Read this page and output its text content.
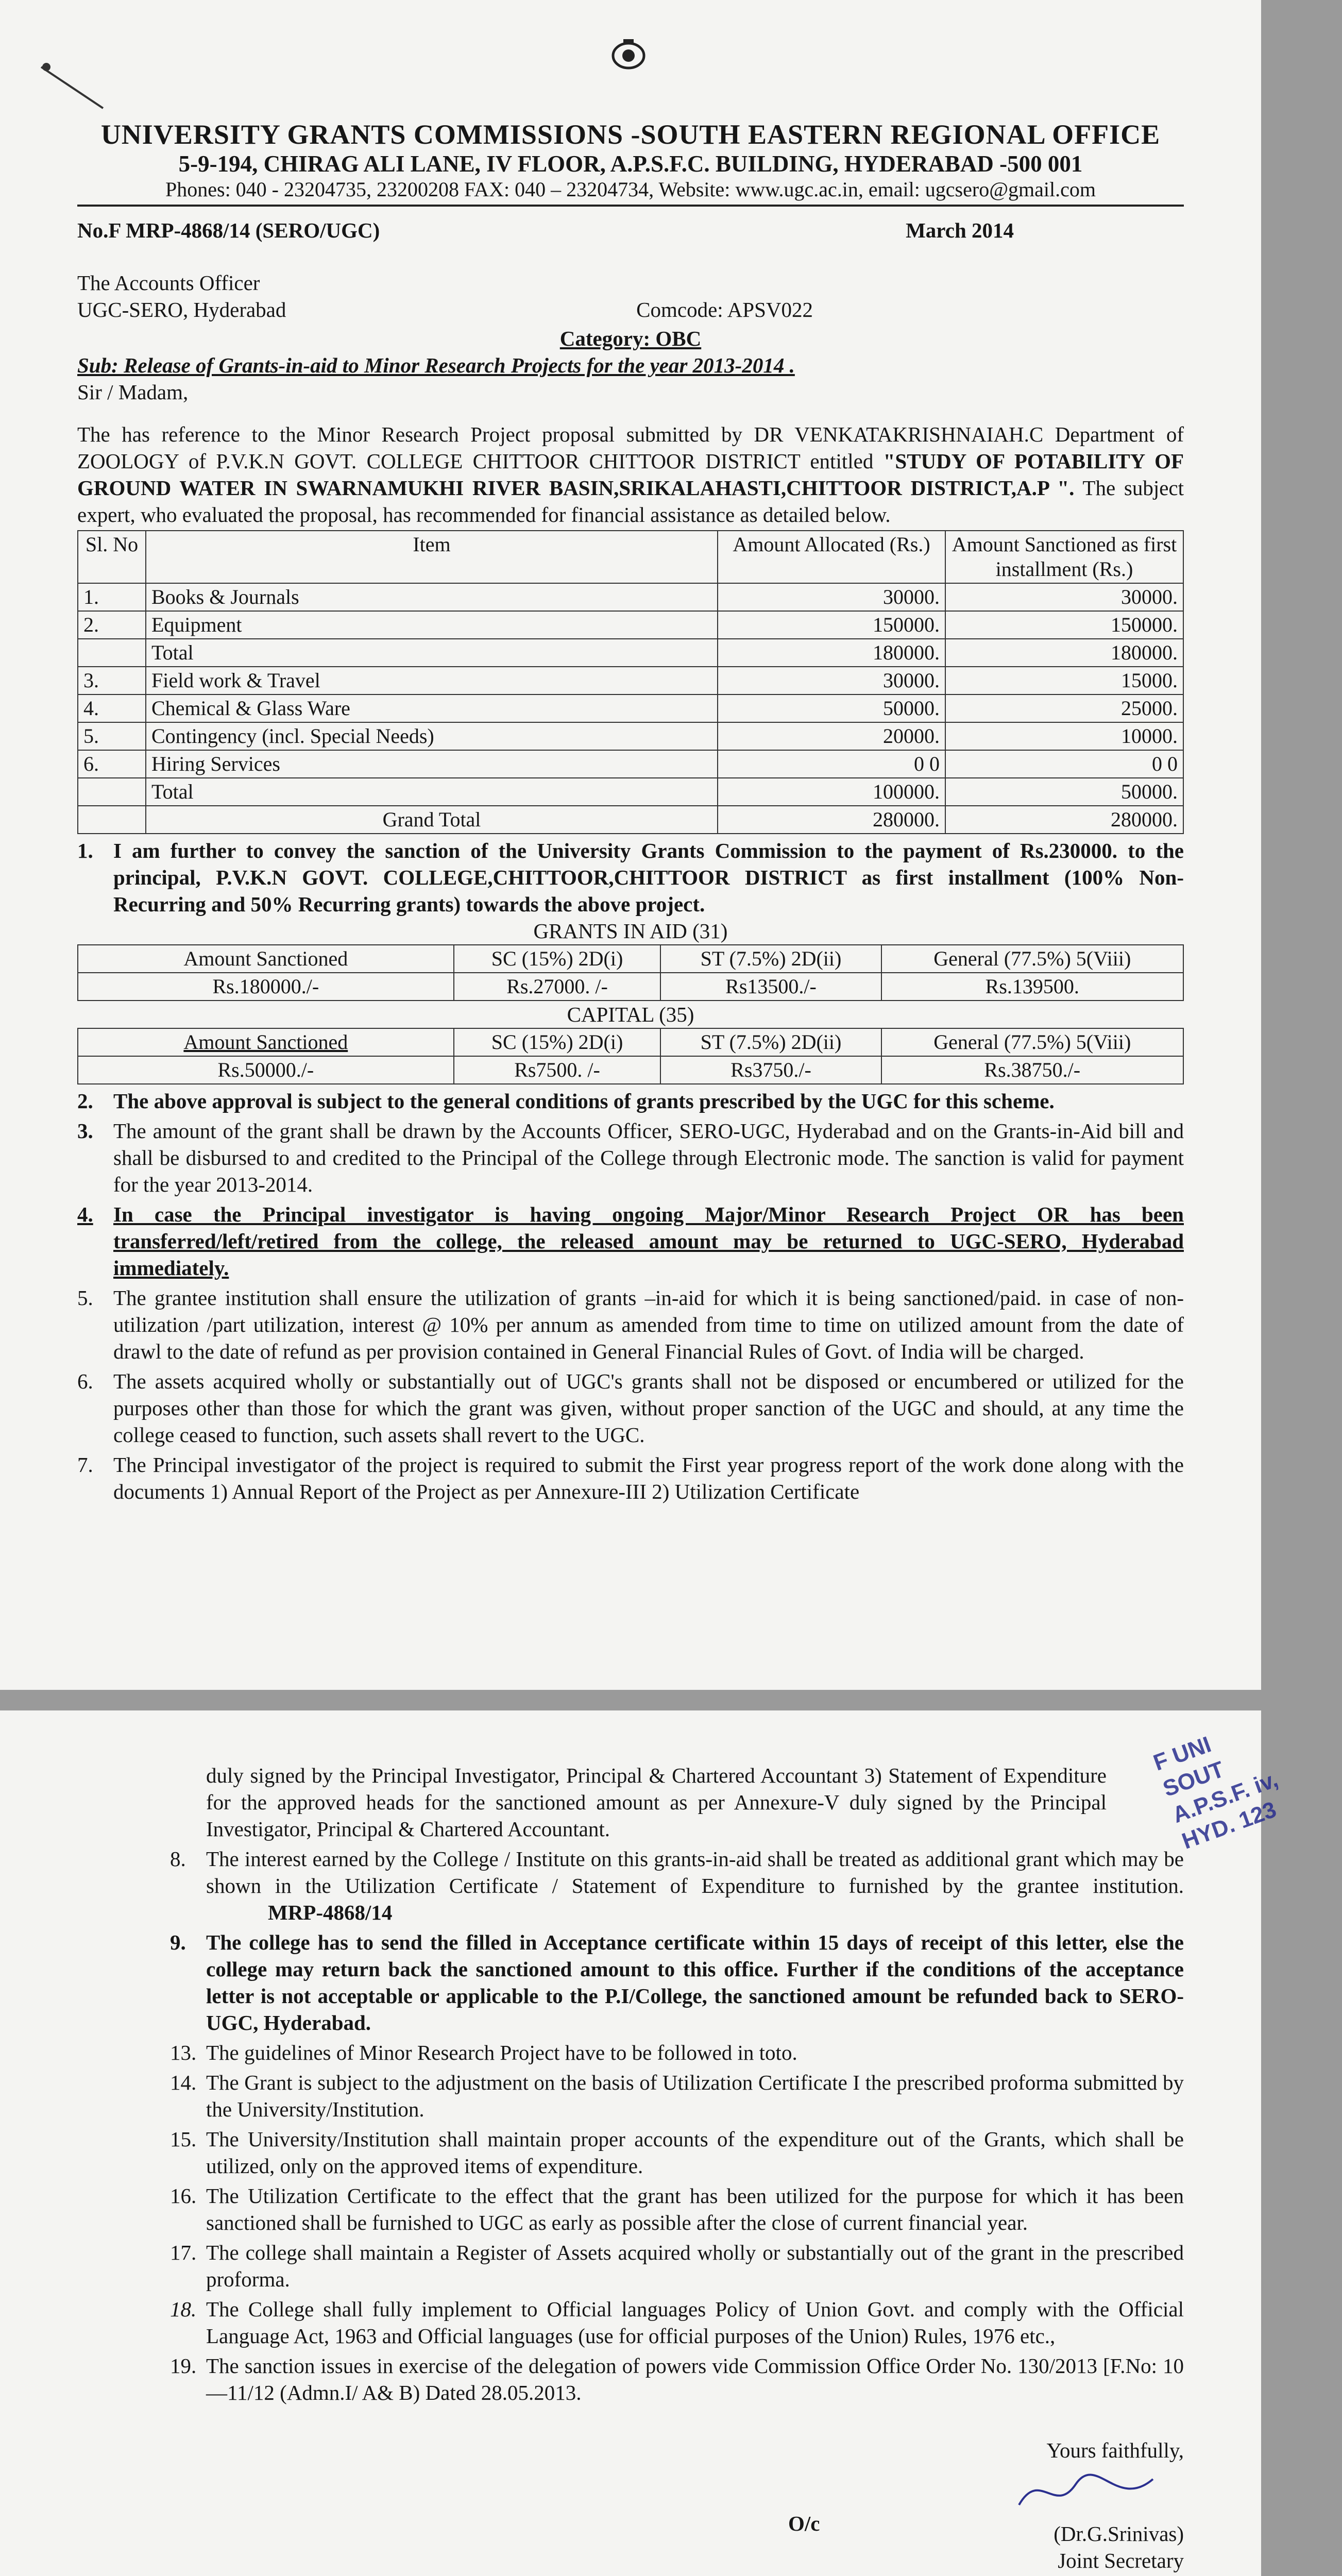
UNIVERSITY GRANTS COMMISSIONS -SOUTH EASTERN REGIONAL OFFICE
5-9-194, CHIRAG ALI LANE, IV FLOOR, A.P.S.F.C. BUILDING, HYDERABAD -500 001
Phones: 040 - 23204735, 23200208 FAX: 040 – 23204734, Website: www.ugc.ac.in, email: ugcsero@gmail.com
No.F MRP-4868/14 (SERO/UGC)	March 2014
The Accounts Officer
UGC-SERO, Hyderabad	Comcode: APSV022
Category: OBC
Sub: Release of Grants-in-aid to Minor Research Projects for the year 2013-2014 .
Sir / Madam,
The has reference to the Minor Research Project proposal submitted by DR VENKATAKRISHNAIAH.C Department of ZOOLOGY of P.V.K.N GOVT. COLLEGE CHITTOOR CHITTOOR DISTRICT entitled "STUDY OF POTABILITY OF GROUND WATER IN SWARNAMUKHI RIVER BASIN,SRIKALAHASTI,CHITTOOR DISTRICT,A.P ". The subject expert, who evaluated the proposal, has recommended for financial assistance as detailed below.
Sl. No	Item	Amount Allocated (Rs.)	Amount Sanctioned as first installment (Rs.)
1.	Books & Journals	30000.	30000.
2.	Equipment	150000.	150000.
	Total	180000.	180000.
3.	Field work & Travel	30000.	15000.
4.	Chemical & Glass Ware	50000.	25000.
5.	Contingency (incl. Special Needs)	20000.	10000.
6.	Hiring Services	0 0	0 0
	Total	100000.	50000.
	Grand Total	280000.	280000.
1. I am further to convey the sanction of the University Grants Commission to the payment of Rs.230000. to the principal, P.V.K.N GOVT. COLLEGE,CHITTOOR,CHITTOOR DISTRICT as first installment (100% Non-Recurring and 50% Recurring grants) towards the above project.
GRANTS IN AID (31)
Amount Sanctioned	SC (15%) 2D(i)	ST (7.5%) 2D(ii)	General (77.5%) 5(Viii)
Rs.180000./-	Rs.27000. /-	Rs13500./-	Rs.139500.
CAPITAL (35)
Amount Sanctioned	SC (15%) 2D(i)	ST (7.5%) 2D(ii)	General (77.5%) 5(Viii)
Rs.50000./-	Rs7500. /-	Rs3750./-	Rs.38750./-
2. The above approval is subject to the general conditions of grants prescribed by the UGC for this scheme.
3. The amount of the grant shall be drawn by the Accounts Officer, SERO-UGC, Hyderabad and on the Grants-in-Aid bill and shall be disbursed to and credited to the Principal of the College through Electronic mode. The sanction is valid for payment for the year 2013-2014.
4. In case the Principal investigator is having ongoing Major/Minor Research Project OR has been transferred/left/retired from the college, the released amount may be returned to UGC-SERO, Hyderabad immediately.
5. The grantee institution shall ensure the utilization of grants –in-aid for which it is being sanctioned/paid. in case of non-utilization /part utilization, interest @ 10% per annum as amended from time to time on utilized amount from the date of drawl to the date of refund as per provision contained in General Financial Rules of Govt. of India will be charged.
6. The assets acquired wholly or substantially out of UGC's grants shall not be disposed or encumbered or utilized for the purposes other than those for which the grant was given, without proper sanction of the UGC and should, at any time the college ceased to function, such assets shall revert to the UGC.
7. The Principal investigator of the project is required to submit the First year progress report of the work done along with the documents 1) Annual Report of the Project as per Annexure-III 2) Utilization Certificate
F UNI SOUT A.P.S.F. iv, HYD. 123
duly signed by the Principal Investigator, Principal & Chartered Accountant 3) Statement of Expenditure for the approved heads for the sanctioned amount as per Annexure-V duly signed by the Principal Investigator, Principal & Chartered Accountant.
8. The interest earned by the College / Institute on this grants-in-aid shall be treated as additional grant which may be shown in the Utilization Certificate / Statement of Expenditure to furnished by the grantee institution. MRP-4868/14
9. The college has to send the filled in Acceptance certificate within 15 days of receipt of this letter, else the college may return back the sanctioned amount to this office. Further if the conditions of the acceptance letter is not acceptable or applicable to the P.I/College, the sanctioned amount be refunded back to SERO-UGC, Hyderabad.
13. The guidelines of Minor Research Project have to be followed in toto.
14. The Grant is subject to the adjustment on the basis of Utilization Certificate I the prescribed proforma submitted by the University/Institution.
15. The University/Institution shall maintain proper accounts of the expenditure out of the Grants, which shall be utilized, only on the approved items of expenditure.
16. The Utilization Certificate to the effect that the grant has been utilized for the purpose for which it has been sanctioned shall be furnished to UGC as early as possible after the close of current financial year.
17. The college shall maintain a Register of Assets acquired wholly or substantially out of the grant in the prescribed proforma.
18. The College shall fully implement to Official languages Policy of Union Govt. and comply with the Official Language Act, 1963 and Official languages (use for official purposes of the Union) Rules, 1976 etc.,
19. The sanction issues in exercise of the delegation of powers vide Commission Office Order No. 130/2013 [F.No: 10—11/12 (Admn.I/ A& B) Dated 28.05.2013.
Yours faithfully,
O/c	(Dr.G.Srinivas)
Joint Secretary
